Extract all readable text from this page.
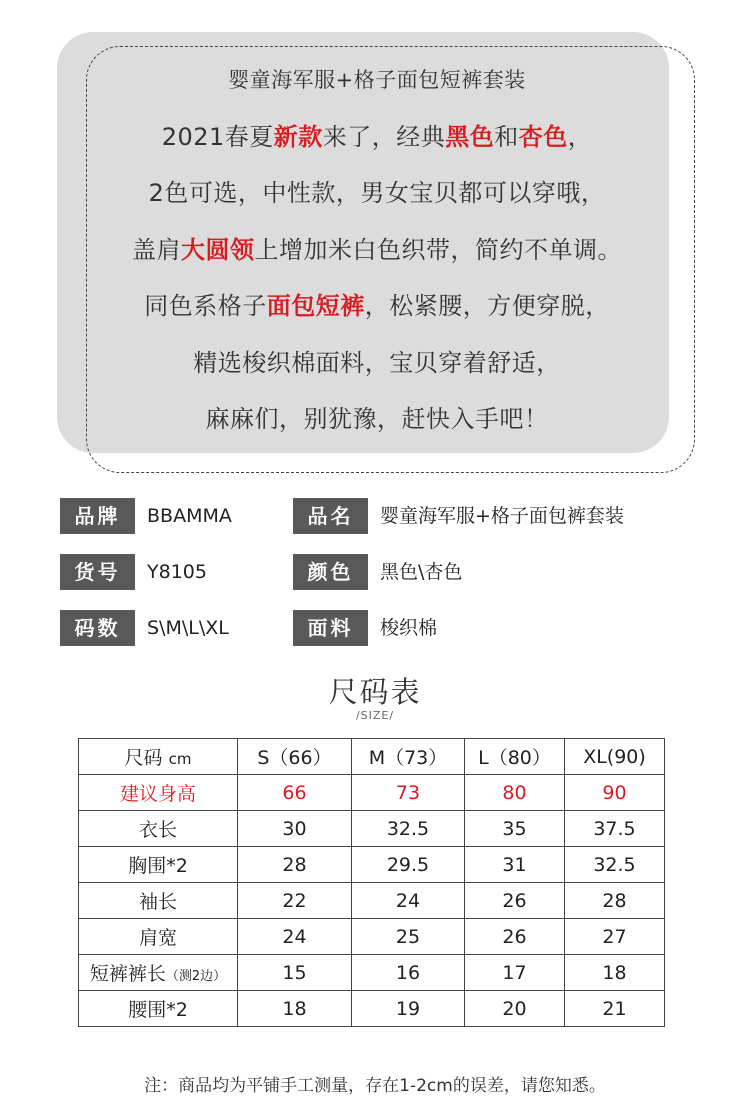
婴童海军服+格子面包短裤套装
2021春夏新款来了，经典黑色和杏色，
2色可选，中性款，男女宝贝都可以穿哦，
盖肩大圆领上增加米白色织带，简约不单调。
同色系格子面包短裤，松紧腰，方便穿脱，
精选梭织棉面料，宝贝穿着舒适，
麻麻们，别犹豫，赶快入手吧！
品牌	BBAMMA	品名	婴童海军服+格子面包裤套装
货号	Y8105	颜色	黑色\杏色
码数	S\M\L\XL	面料	梭织棉
尺码表
/SIZE/
尺码 cm	S（66）	M（73）	L（80）	XL(90)
建议身高	66	73	80	90
衣长	30	32.5	35	37.5
胸围*2	28	29.5	31	32.5
袖长	22	24	26	28
肩宽	24	25	26	27
短裤裤长（测2边）	15	16	17	18
腰围*2	18	19	20	21
注：商品均为平铺手工测量，存在1-2cm的误差，请您知悉。
